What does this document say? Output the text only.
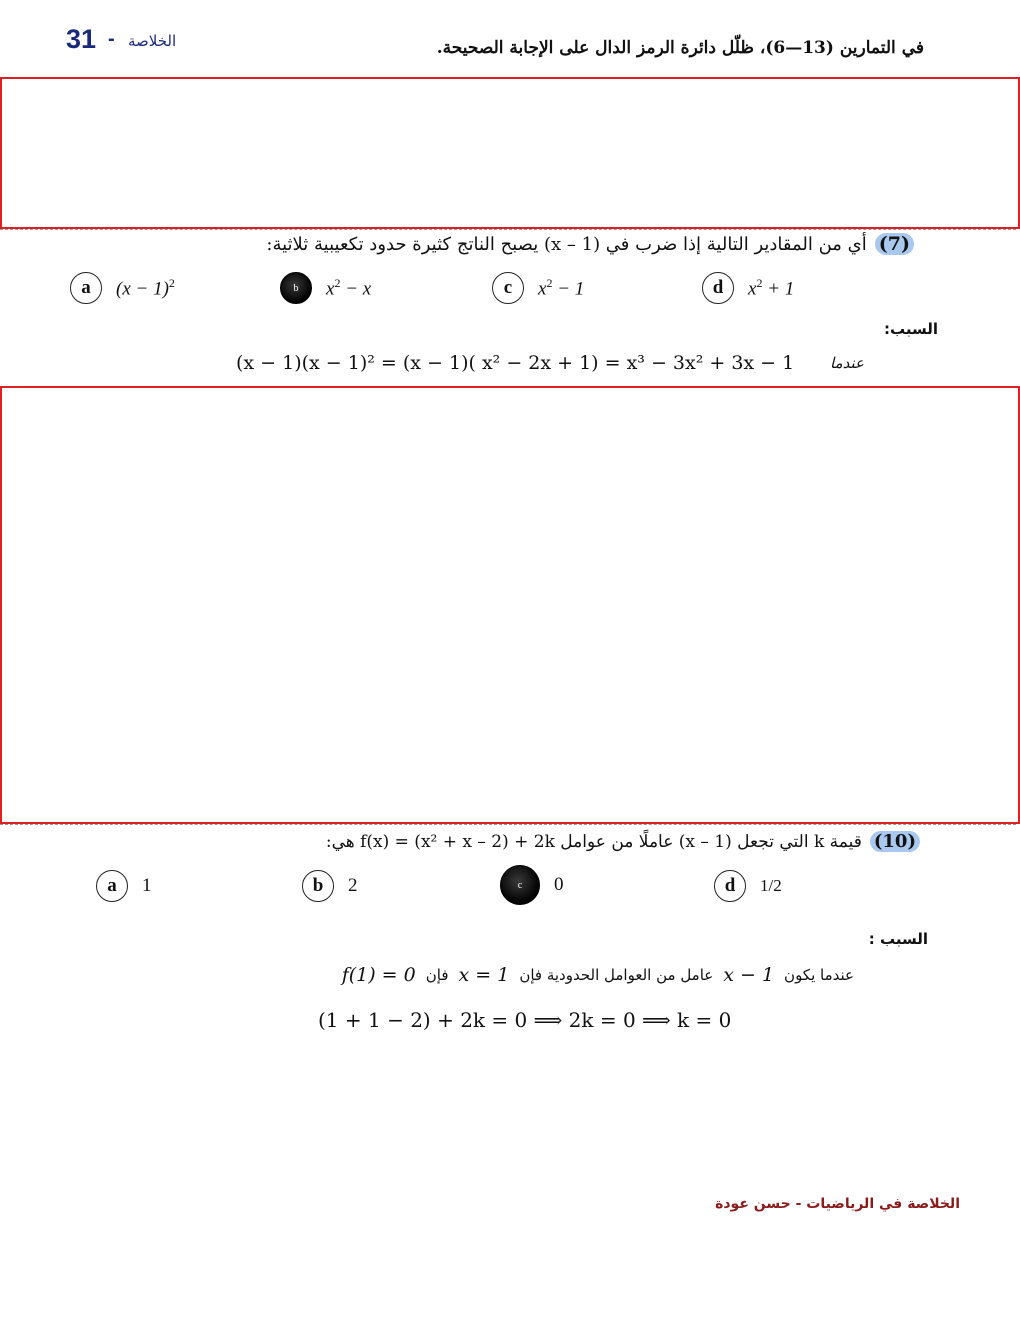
31 - الخلاصة	في التمارين (13—6)، ظلّل دائرة الرمز الدال على الإجابة الصحيحة.
(7)
أي من المقادير التالية إذا ضرب في (1 – x) يصبح الناتج كثيرة حدود تكعيبية ثلاثية:
a	$(x - 1)^2$	b	$x^2 - x$	c	$x^2 - 1$	d	$x^2 + 1$
السبب:
عندما
(x − 1)(x − 1)² = (x − 1)( x² − 2x + 1) = x³ − 3x² + 3x − 1
(10)
قيمة k التي تجعل (x – 1) عاملًا من عوامل f(x) = (x² + x – 2) + 2k هي:
a	1	b	2	c	0	d	1/2
السبب :
عندما يكون
x − 1
عامل من العوامل الحدودية فإن
x = 1
فإن
f(1) = 0
(1 + 1 − 2) + 2k = 0 ⟹ 2k = 0 ⟹ k = 0
الخلاصة في الرياضيات - حسن عودة
